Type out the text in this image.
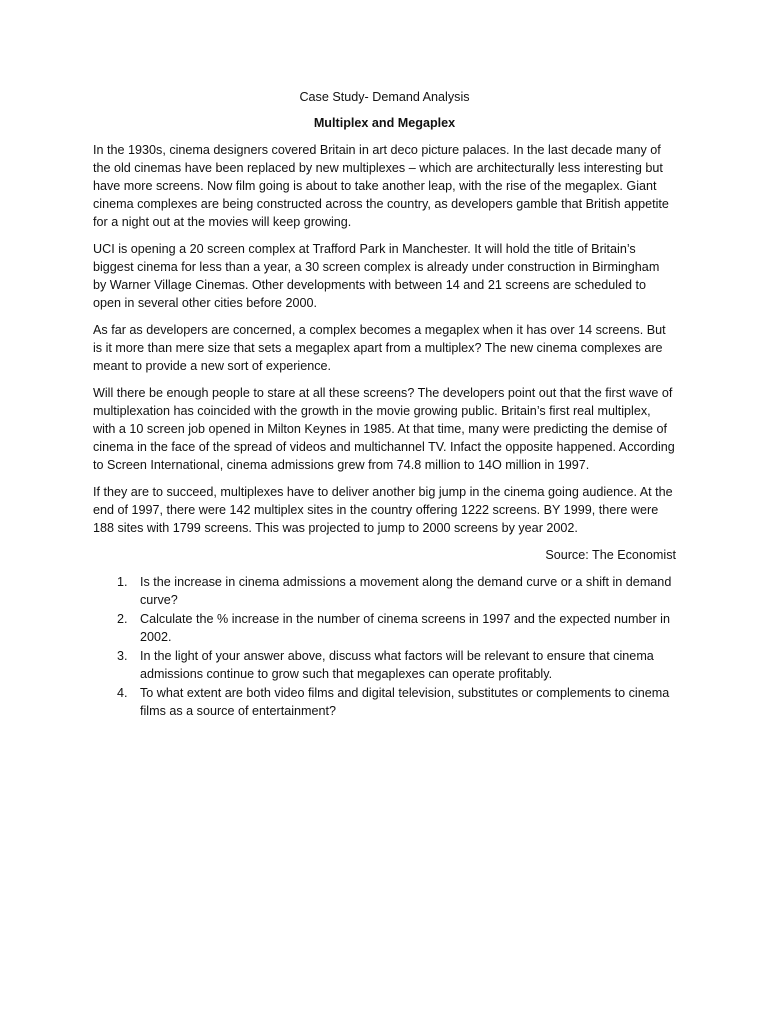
Case Study- Demand Analysis
Multiplex and Megaplex

In the 1930s, cinema designers covered Britain in art deco picture palaces. In the last decade many of the old cinemas have been replaced by new multiplexes – which are architecturally less interesting but have more screens. Now film going is about to take another leap, with the rise of the megaplex. Giant cinema complexes are being constructed across the country, as developers gamble that British appetite for a night out at the movies will keep growing.

UCI is opening a 20 screen complex at Trafford Park in Manchester. It will hold the title of Britain’s biggest cinema for less than a year, a 30 screen complex is already under construction in Birmingham by Warner Village Cinemas. Other developments with between 14 and 21 screens are scheduled to open in several other cities before 2000.

As far as developers are concerned, a complex becomes a megaplex when it has over 14 screens. But is it more than mere size that sets a megaplex apart from a multiplex? The new cinema complexes are meant to provide a new sort of experience.

Will there be enough people to stare at all these screens? The developers point out that the first wave of multiplexation has coincided with the growth in the movie growing public. Britain’s first real multiplex, with a 10 screen job opened in Milton Keynes in 1985. At that time, many were predicting the demise of cinema in the face of the spread of videos and multichannel TV. Infact the opposite happened. According to Screen International, cinema admissions grew from 74.8 million to 14O million in 1997.

If they are to succeed, multiplexes have to deliver another big jump in the cinema going audience. At the end of 1997, there were 142 multiplex sites in the country offering 1222 screens. BY 1999, there were 188 sites with 1799 screens. This was projected to jump to 2000 screens by year 2002.

Source: The Economist
1. Is the increase in cinema admissions a movement along the demand curve or a shift in demand curve?
2. Calculate the % increase in the number of cinema screens in 1997 and the expected number in 2002.
3. In the light of your answer above, discuss what factors will be relevant to ensure that cinema admissions continue to grow such that megaplexes can operate profitably.
4. To what extent are both video films and digital television, substitutes or complements to cinema films as a source of entertainment?
